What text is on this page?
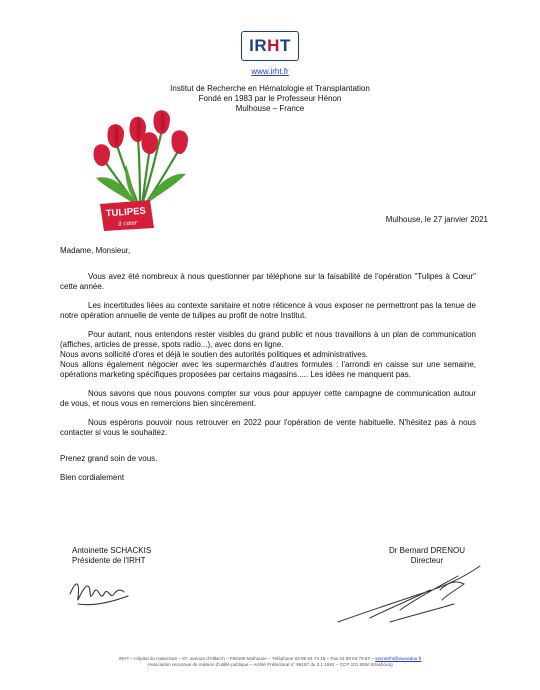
IR H T
www.irht.fr
Institut de Recherche en Hématologie et Transplantation
Fondé en 1983 par le Professeur Hénon
Mulhouse – France
TULIPES
à cœur	Mulhouse, le 27 janvier 2021

Madame, Monsieur,

Vous avez été nombreux à nous questionner par téléphone sur la faisabilité de l'opération "Tulipes à Cœur" cette année.

Les incertitudes liées au contexte sanitaire et notre réticence à vous exposer ne permettront pas la tenue de notre opération annuelle de vente de tulipes au profit de notre Institut.

Pour autant, nous entendons rester visibles du grand public et nous travaillons à un plan de communication (affiches, articles de presse, spots radio...), avec dons en ligne.

Nous avons sollicité d'ores et déjà le soutien des autorités politiques et administratives.

Nous allons également négocier avec les supermarchés d'autres formules : l'arrondi en caisse sur une semaine, opérations marketing spécifiques proposées par certains magasins..... Les idées ne manquent pas.

Nous savons que nous pouvons compter sur vous pour appuyer cette campagne de communication autour de vous, et nous vous en remercions bien sincèrement.

Nous espérons pouvoir nous retrouver en 2022 pour l'opération de vente habituelle. N'hésitez pas à nous contacter si vous le souhaitez.

Prenez grand soin de vous.

Bien cordialement

Antoinette SCHACKIS
Présidente de l'IRHT
Dr Bernard DRENOU
Directeur
IRHT – Hôpital du Hasenrain – 87, avenue d'Altkirch – F68100 Mulhouse – Téléphone 03 89 64 74 18 – Fax 03 89 64 79 87 – secretirht@wanadoo.fr
Association reconnue de mission d'utilité publique – Arrêté Préfectoral n° 96187 du 3.1.1991 – CCP 101 55W Strasbourg
